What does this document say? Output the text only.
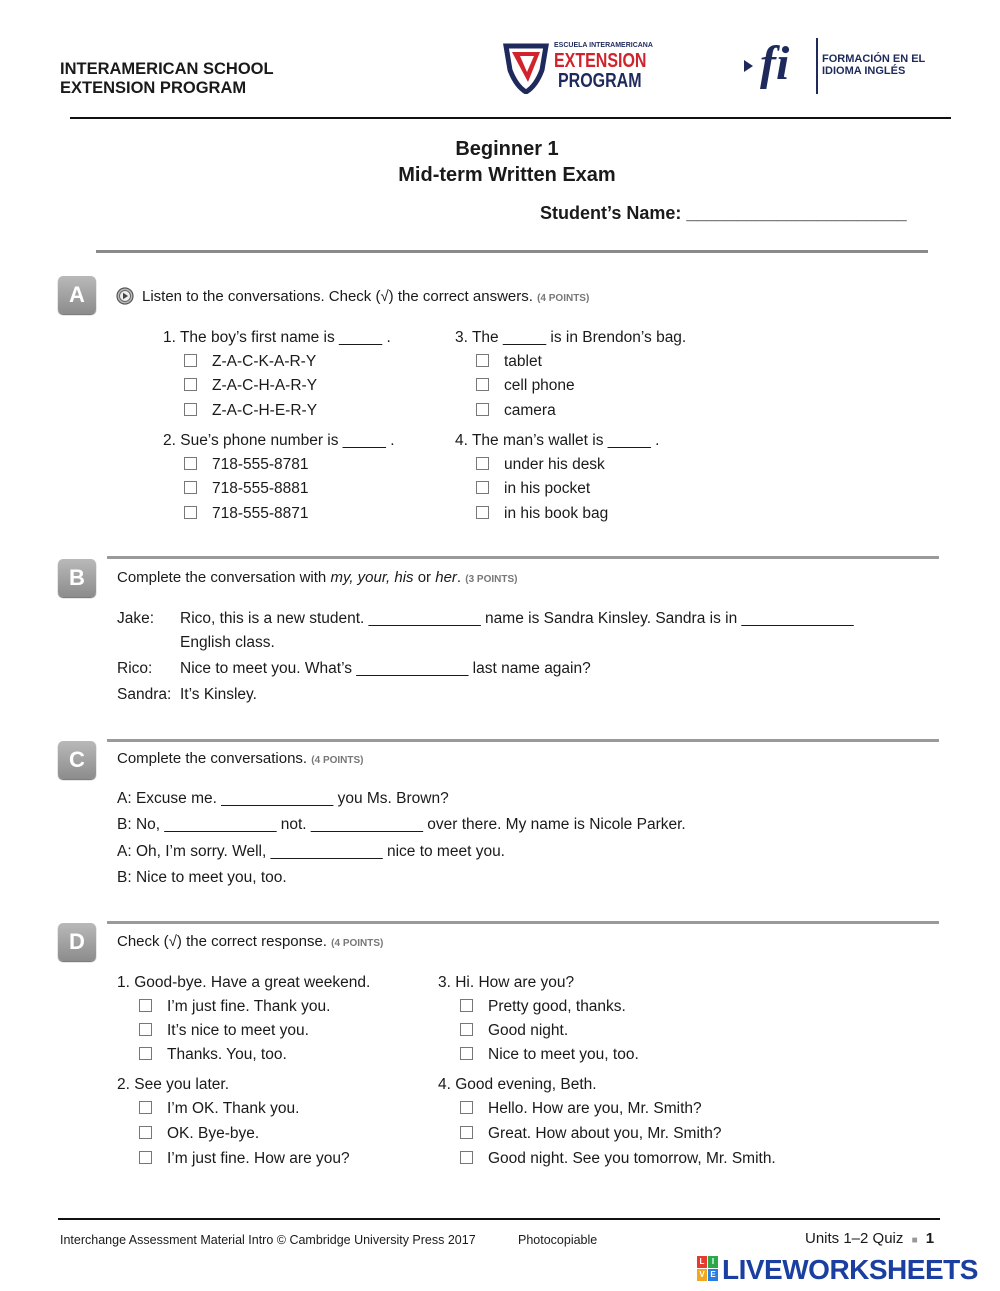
INTERAMERICAN SCHOOL
EXTENSION PROGRAM
ESCUELA INTERAMERICANA
EXTENSION
PROGRAM fi	FORMACIÓN EN EL
IDIOMA INGLÉS
Beginner 1
Mid-term Written Exam
Student’s Name: ______________________
A	Listen to the conversations. Check (√) the correct answers. (4 POINTS)
1. The boy’s first name is _____ .
Z-A-C-K-A-R-Y
Z-A-C-H-A-R-Y
Z-A-C-H-E-R-Y
2. Sue’s phone number is _____ .
718-555-8781
718-555-8881
718-555-8871
3. The _____ is in Brendon’s bag.
tablet
cell phone
camera
4. The man’s wallet is _____ .
under his desk
in his pocket
in his book bag
B	Complete the conversation with my, your, his or her. (3 POINTS)
Jake: Rico, this is a new student. _____________ name is Sandra Kinsley. Sandra is in _____________
English class.
Rico: Nice to meet you. What’s _____________ last name again?
Sandra: It’s Kinsley.
C	Complete the conversations. (4 POINTS)
A: Excuse me. _____________ you Ms. Brown?
B: No, _____________ not. _____________ over there. My name is Nicole Parker.
A: Oh, I’m sorry. Well, _____________ nice to meet you.
B: Nice to meet you, too.
D	Check (√) the correct response. (4 POINTS)
1. Good-bye. Have a great weekend.
I’m just fine. Thank you.
It’s nice to meet you.
Thanks. You, too.
2. See you later.
I’m OK. Thank you.
OK. Bye-bye.
I’m just fine. How are you?
3. Hi. How are you?
Pretty good, thanks.
Good night.
Nice to meet you, too.
4. Good evening, Beth.
Hello. How are you, Mr. Smith?
Great. How about you, Mr. Smith?
Good night. See you tomorrow, Mr. Smith.
Interchange Assessment Material Intro © Cambridge University Press 2017	Photocopiable	Units 1–2 Quiz ■ 1
L I
V E LIVEWORKSHEETS
